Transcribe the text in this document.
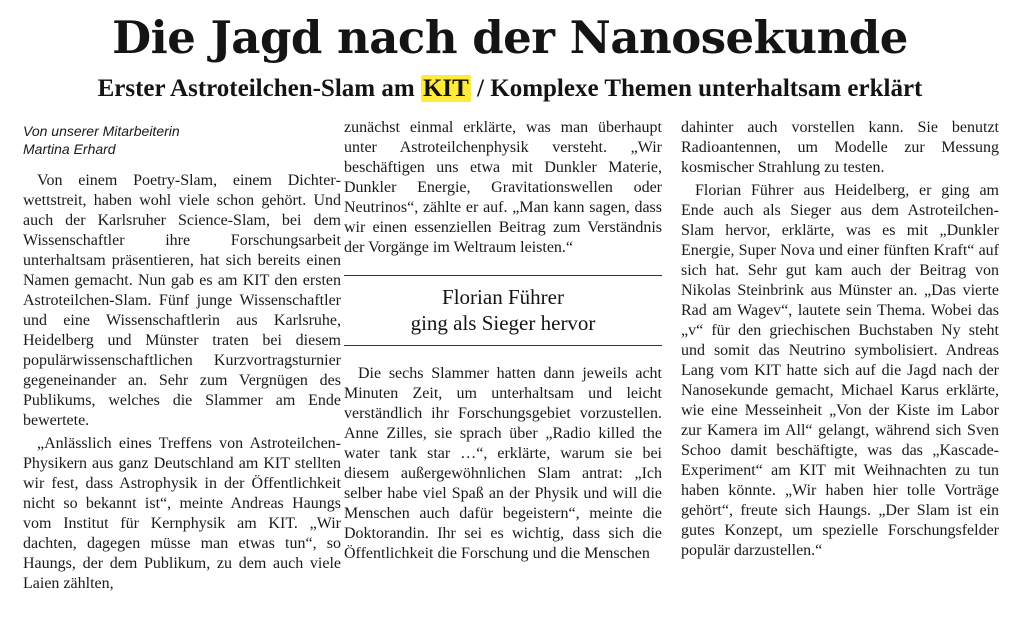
Die Jagd nach der Nanosekunde
Erster Astroteilchen-Slam am KIT / Komplexe Themen unterhaltsam erklärt
Von unserer Mitarbeiterin
Martina Erhard

Von einem Poetry-Slam, einem Dichterwettstreit, haben wohl viele schon gehört. Und auch der Karlsruher Science-Slam, bei dem Wissenschaftler ihre Forschungsarbeit unterhaltsam präsentieren, hat sich bereits einen Namen gemacht. Nun gab es am KIT den ersten Astroteilchen-Slam. Fünf junge Wissenschaftler und eine Wissenschaftlerin aus Karlsruhe, Heidelberg und Münster traten bei diesem populärwissenschaftlichen Kurzvortragsturnier gegeneinander an. Sehr zum Vergnügen des Publikums, welches die Slammer am Ende bewertete.

„Anlässlich eines Treffens von Astroteilchen-Physikern aus ganz Deutschland am KIT stellten wir fest, dass Astrophysik in der Öffentlichkeit nicht so bekannt ist“, meinte Andreas Haungs vom Institut für Kernphysik am KIT. „Wir dachten, dagegen müsse man etwas tun“, so Haungs, der dem Publikum, zu dem auch viele Laien zählten,

zunächst einmal erklärte, was man überhaupt unter Astroteilchenphysik versteht. „Wir beschäftigen uns etwa mit Dunkler Materie, Dunkler Energie, Gravitationswellen oder Neutrinos“, zählte er auf. „Man kann sagen, dass wir einen essenziellen Beitrag zum Verständnis der Vorgänge im Weltraum leisten.“

Florian Führer
ging als Sieger hervor

Die sechs Slammer hatten dann jeweils acht Minuten Zeit, um unterhaltsam und leicht verständlich ihr Forschungsgebiet vorzustellen. Anne Zilles, sie sprach über „Radio killed the water tank star …“, erklärte, warum sie bei diesem außergewöhnlichen Slam antrat: „Ich selber habe viel Spaß an der Physik und will die Menschen auch dafür begeistern“, meinte die Doktorandin. Ihr sei es wichtig, dass sich die Öffentlichkeit die Forschung und die Menschen

dahinter auch vorstellen kann. Sie benutzt Radioantennen, um Modelle zur Messung kosmischer Strahlung zu testen.

Florian Führer aus Heidelberg, er ging am Ende auch als Sieger aus dem Astroteilchen-Slam hervor, erklärte, was es mit „Dunkler Energie, Super Nova und einer fünften Kraft“ auf sich hat. Sehr gut kam auch der Beitrag von Nikolas Steinbrink aus Münster an. „Das vierte Rad am Wagev“, lautete sein Thema. Wobei das „v“ für den griechischen Buchstaben Ny steht und somit das Neutrino symbolisiert. Andreas Lang vom KIT hatte sich auf die Jagd nach der Nanosekunde gemacht, Michael Karus erklärte, wie eine Messeinheit „Von der Kiste im Labor zur Kamera im All“ gelangt, während sich Sven Schoo damit beschäftigte, was das „Kascade-Experiment“ am KIT mit Weihnachten zu tun haben könnte. „Wir haben hier tolle Vorträge gehört“, freute sich Haungs. „Der Slam ist ein gutes Konzept, um spezielle Forschungsfelder populär darzustellen.“
